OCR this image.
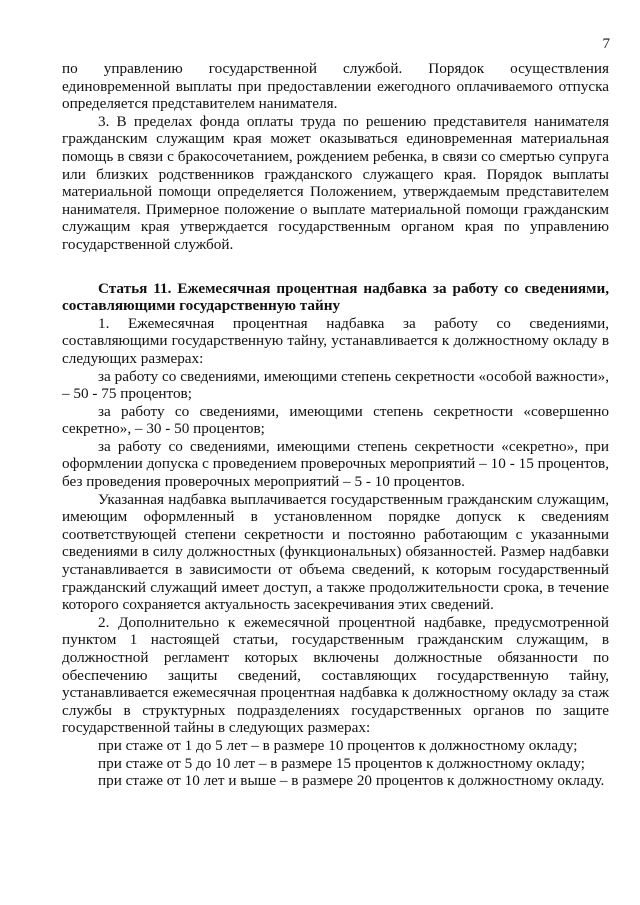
7

по управлению государственной службой. Порядок осуществления единовременной выплаты при предоставлении ежегодного оплачиваемого отпуска определяется представителем нанимателя.

3. В пределах фонда оплаты труда по решению представителя нанимателя гражданским служащим края может оказываться единовременная материальная помощь в связи с бракосочетанием, рождением ребенка, в связи со смертью супруга или близких родственников гражданского служащего края. Порядок выплаты материальной помощи определяется Положением, утверждаемым представителем нанимателя. Примерное положение о выплате материальной помощи гражданским служащим края утверждается государственным органом края по управлению государственной службой.

Статья 11. Ежемесячная процентная надбавка за работу со сведениями, составляющими государственную тайну

1. Ежемесячная процентная надбавка за работу со сведениями, составляющими государственную тайну, устанавливается к должностному окладу в следующих размерах:

за работу со сведениями, имеющими степень секретности «особой важности», – 50 - 75 процентов;

за работу со сведениями, имеющими степень секретности «совершенно секретно», – 30 - 50 процентов;

за работу со сведениями, имеющими степень секретности «секретно», при оформлении допуска с проведением проверочных мероприятий – 10 - 15 процентов, без проведения проверочных мероприятий – 5 - 10 процентов.

Указанная надбавка выплачивается государственным гражданским служащим, имеющим оформленный в установленном порядке допуск к сведениям соответствующей степени секретности и постоянно работающим с указанными сведениями в силу должностных (функциональных) обязанностей. Размер надбавки устанавливается в зависимости от объема сведений, к которым государственный гражданский служащий имеет доступ, а также продолжительности срока, в течение которого сохраняется актуальность засекречивания этих сведений.

2. Дополнительно к ежемесячной процентной надбавке, предусмотренной пунктом 1 настоящей статьи, государственным гражданским служащим, в должностной регламент которых включены должностные обязанности по обеспечению защиты сведений, составляющих государственную тайну, устанавливается ежемесячная процентная надбавка к должностному окладу за стаж службы в структурных подразделениях государственных органов по защите государственной тайны в следующих размерах:

при стаже от 1 до 5 лет – в размере 10 процентов к должностному окладу;

при стаже от 5 до 10 лет – в размере 15 процентов к должностному окладу;

при стаже от 10 лет и выше – в размере 20 процентов к должностному окладу.
